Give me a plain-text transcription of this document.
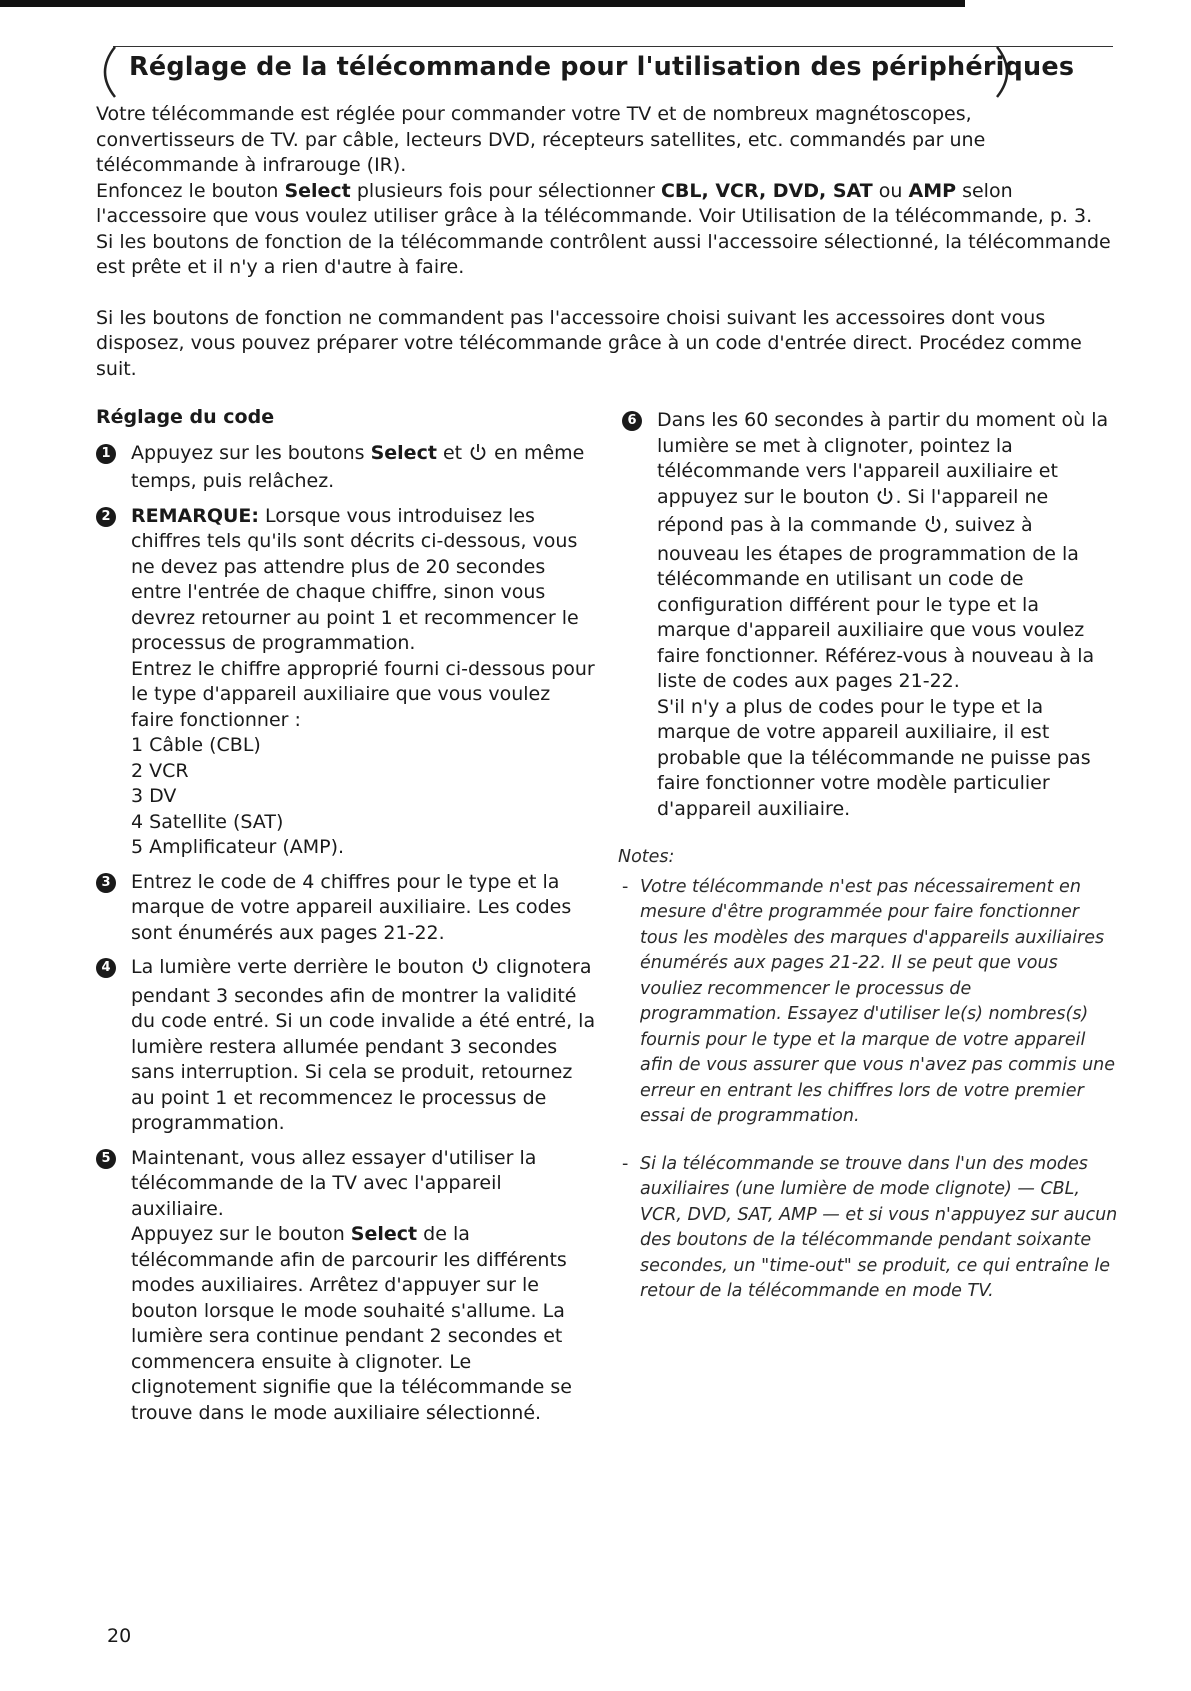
Réglage de la télécommande pour l'utilisation des périphériques

Votre télécommande est réglée pour commander votre TV et de nombreux magnétoscopes, convertisseurs de TV. par câble, lecteurs DVD, récepteurs satellites, etc. commandés par une télécommande à infrarouge (IR).

Enfoncez le bouton Select plusieurs fois pour sélectionner CBL, VCR, DVD, SAT ou AMP selon l'accessoire que vous voulez utiliser grâce à la télécommande. Voir Utilisation de la télécommande, p. 3.

Si les boutons de fonction de la télécommande contrôlent aussi l'accessoire sélectionné, la télécommande est prête et il n'y a rien d'autre à faire.

Si les boutons de fonction ne commandent pas l'accessoire choisi suivant les accessoires dont vous disposez, vous pouvez préparer votre télécommande grâce à un code d'entrée direct. Procédez comme suit.

Réglage du code

1 Appuyez sur les boutons Select et  en même temps, puis relâchez.

2 REMARQUE: Lorsque vous introduisez les chiffres tels qu'ils sont décrits ci-dessous, vous ne devez pas attendre plus de 20 secondes entre l'entrée de chaque chiffre, sinon vous devrez retourner au point 1 et recommencer le processus de programmation.

Entrez le chiffre approprié fourni ci-dessous pour le type d'appareil auxiliaire que vous voulez faire fonctionner :

1 Câble (CBL)

2 VCR

3 DV

4 Satellite (SAT)

5 Amplificateur (AMP).

3 Entrez le code de 4 chiffres pour le type et la marque de votre appareil auxiliaire. Les codes sont énumérés aux pages 21-22.

4 La lumière verte derrière le bouton  clignotera pendant 3 secondes afin de montrer la validité du code entré. Si un code invalide a été entré, la lumière restera allumée pendant 3 secondes sans interruption. Si cela se produit, retournez au point 1 et recommencez le processus de programmation.

5 Maintenant, vous allez essayer d'utiliser la télécommande de la TV avec l'appareil auxiliaire.

Appuyez sur le bouton Select de la télécommande afin de parcourir les différents modes auxiliaires. Arrêtez d'appuyer sur le bouton lorsque le mode souhaité s'allume. La lumière sera continue pendant 2 secondes et commencera ensuite à clignoter. Le clignotement signifie que la télécommande se trouve dans le mode auxiliaire sélectionné.

6 Dans les 60 secondes à partir du moment où la lumière se met à clignoter, pointez la télécommande vers l'appareil auxiliaire et appuyez sur le bouton . Si l'appareil ne répond pas à la commande , suivez à nouveau les étapes de programmation de la télécommande en utilisant un code de configuration différent pour le type et la marque d'appareil auxiliaire que vous voulez faire fonctionner. Référez-vous à nouveau à la liste de codes aux pages 21-22.

S'il n'y a plus de codes pour le type et la marque de votre appareil auxiliaire, il est probable que la télécommande ne puisse pas faire fonctionner votre modèle particulier d'appareil auxiliaire.

Notes:

- Votre télécommande n'est pas nécessairement en mesure d'être programmée pour faire fonctionner tous les modèles des marques d'appareils auxiliaires énumérés aux pages 21-22. Il se peut que vous vouliez recommencer le processus de programmation. Essayez d'utiliser le(s) nombres(s) fournis pour le type et la marque de votre appareil afin de vous assurer que vous n'avez pas commis une erreur en entrant les chiffres lors de votre premier essai de programmation.
- Si la télécommande se trouve dans l'un des modes auxiliaires (une lumière de mode clignote) — CBL, VCR, DVD, SAT, AMP — et si vous n'appuyez sur aucun des boutons de la télécommande pendant soixante secondes, un "time-out" se produit, ce qui entraîne le retour de la télécommande en mode TV.
20
